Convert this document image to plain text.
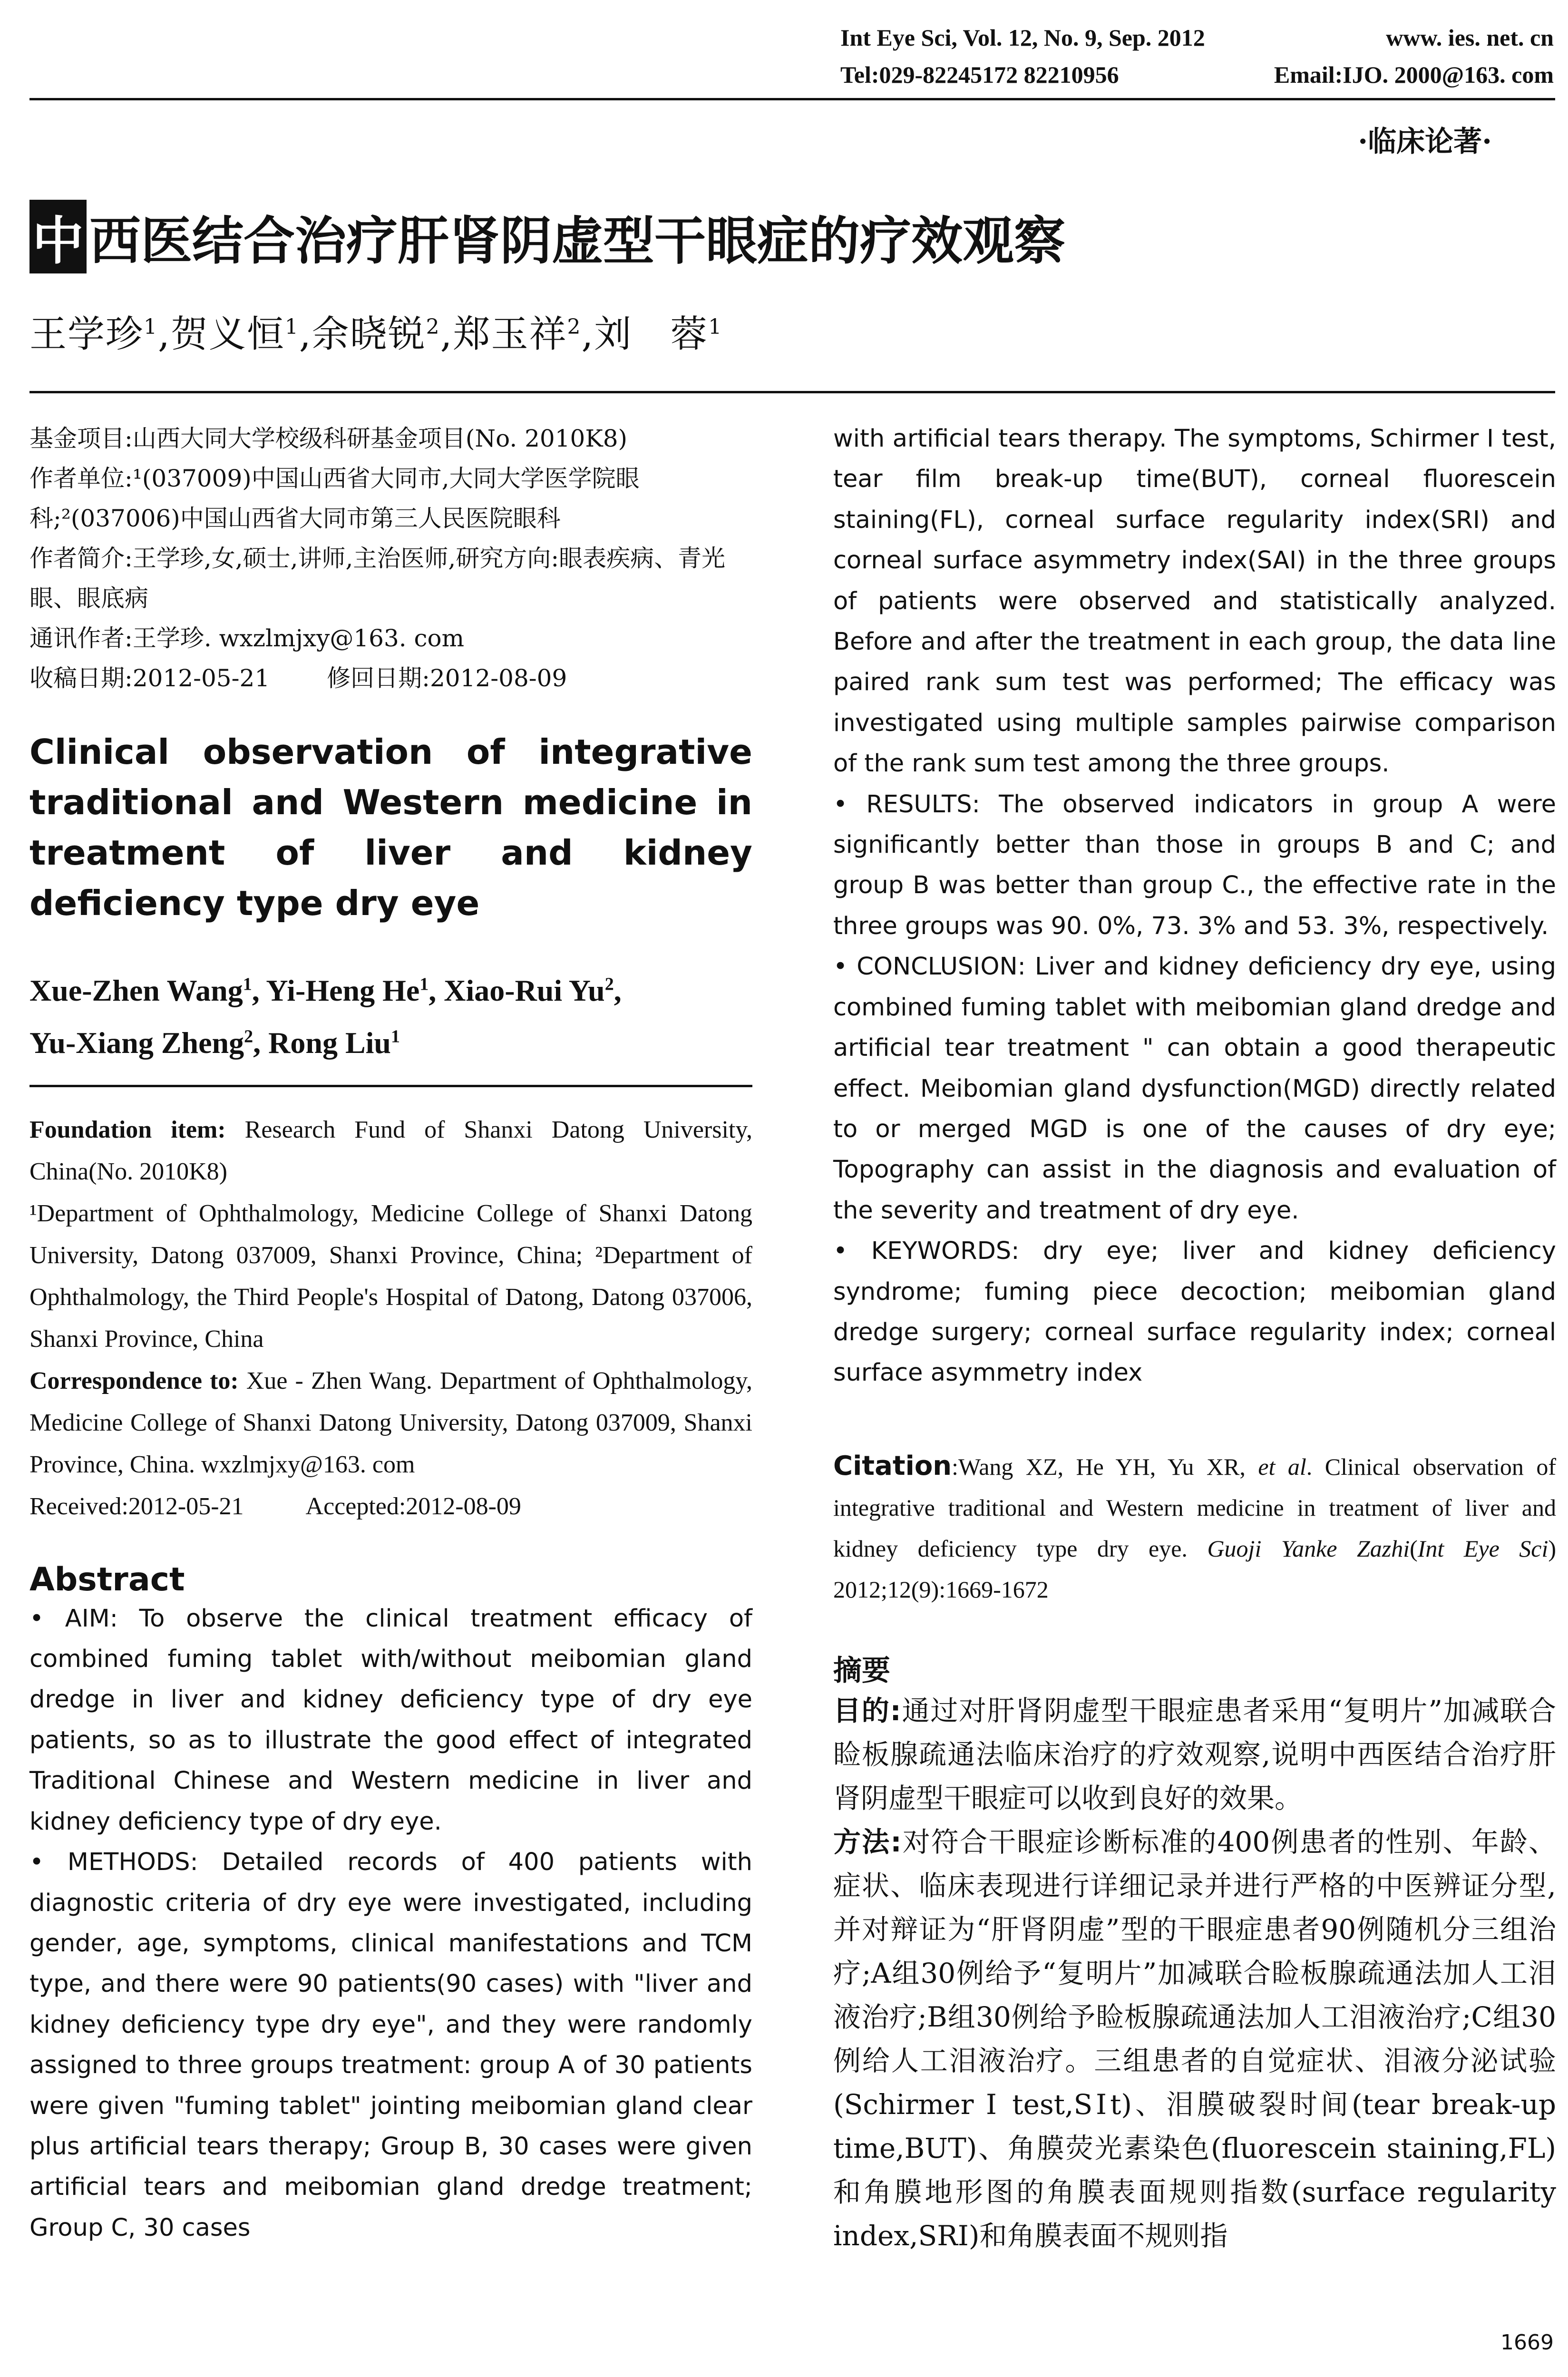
Int Eye Sci, Vol. 12, No. 9, Sep. 2012	www. ies. net. cn
Tel:029-82245172 82210956	Email:IJO. 2000@163. com
·临床论著·
中 西医结合治疗肝肾阴虚型干眼症的疗效观察
王学珍$^1$,贺义恒$^1$,余晓锐$^2$,郑玉祥$^2$,刘　蓉$^1$

基金项目:山西大同大学校级科研基金项目(No. 2010K8)

作者单位:¹(037009)中国山西省大同市,大同大学医学院眼科;²(037006)中国山西省大同市第三人民医院眼科

作者简介:王学珍,女,硕士,讲师,主治医师,研究方向:眼表疾病、青光眼、眼底病

通讯作者:王学珍. wxzlmjxy@163. com

收稿日期:2012-05-21 修回日期:2012-08-09

Clinical observation of integrative traditional and Western medicine in treatment of liver and kidney deficiency type dry eye

Xue-Zhen Wang$^1$, Yi-Heng He$^1$, Xiao-Rui Yu$^2$,
Yu-Xiang Zheng$^2$, Rong Liu$^1$

Foundation item: Research Fund of Shanxi Datong University, China(No. 2010K8)

¹Department of Ophthalmology, Medicine College of Shanxi Datong University, Datong 037009, Shanxi Province, China; ²Department of Ophthalmology, the Third People's Hospital of Datong, Datong 037006, Shanxi Province, China

Correspondence to: Xue - Zhen Wang. Department of Ophthalmology, Medicine College of Shanxi Datong University, Datong 037009, Shanxi Province, China. wxzlmjxy@163. com

Received:2012-05-21	Accepted:2012-08-09

Abstract

• AIM: To observe the clinical treatment efficacy of combined fuming tablet with/without meibomian gland dredge in liver and kidney deficiency type of dry eye patients, so as to illustrate the good effect of integrated Traditional Chinese and Western medicine in liver and kidney deficiency type of dry eye.

• METHODS: Detailed records of 400 patients with diagnostic criteria of dry eye were investigated, including gender, age, symptoms, clinical manifestations and TCM type, and there were 90 patients(90 cases) with "liver and kidney deficiency type dry eye", and they were randomly assigned to three groups treatment: group A of 30 patients were given "fuming tablet" jointing meibomian gland clear plus artificial tears therapy; Group B, 30 cases were given artificial tears and meibomian gland dredge treatment; Group C, 30 cases

with artificial tears therapy. The symptoms, Schirmer Ⅰ test, tear film break-up time(BUT), corneal fluorescein staining(FL), corneal surface regularity index(SRI) and corneal surface asymmetry index(SAI) in the three groups of patients were observed and statistically analyzed. Before and after the treatment in each group, the data line paired rank sum test was performed; The efficacy was investigated using multiple samples pairwise comparison of the rank sum test among the three groups.

• RESULTS: The observed indicators in group A were significantly better than those in groups B and C; and group B was better than group C., the effective rate in the three groups was 90. 0%, 73. 3% and 53. 3%, respectively.

• CONCLUSION: Liver and kidney deficiency dry eye, using combined fuming tablet with meibomian gland dredge and artificial tear treatment " can obtain a good therapeutic effect. Meibomian gland dysfunction(MGD) directly related to or merged MGD is one of the causes of dry eye; Topography can assist in the diagnosis and evaluation of the severity and treatment of dry eye.

• KEYWORDS: dry eye; liver and kidney deficiency syndrome; fuming piece decoction; meibomian gland dredge surgery; corneal surface regularity index; corneal surface asymmetry index

Citation:Wang XZ, He YH, Yu XR, et al. Clinical observation of integrative traditional and Western medicine in treatment of liver and kidney deficiency type dry eye. Guoji Yanke Zazhi(Int Eye Sci) 2012;12(9):1669-1672
摘要

目的:通过对肝肾阴虚型干眼症患者采用“复明片”加减联合睑板腺疏通法临床治疗的疗效观察,说明中西医结合治疗肝肾阴虚型干眼症可以收到良好的效果。

方法:对符合干眼症诊断标准的400例患者的性别、年龄、症状、临床表现进行详细记录并进行严格的中医辨证分型,并对辩证为“肝肾阴虚”型的干眼症患者90例随机分三组治疗;A组30例给予“复明片”加减联合睑板腺疏通法加人工泪液治疗;B组30例给予睑板腺疏通法加人工泪液治疗;C组30例给人工泪液治疗。三组患者的自觉症状、泪液分泌试验(Schirmer Ⅰ test,SⅠt)、泪膜破裂时间(tear break-up time,BUT)、角膜荧光素染色(fluorescein staining,FL)和角膜地形图的角膜表面规则指数(surface regularity index,SRI)和角膜表面不规则指

1669
